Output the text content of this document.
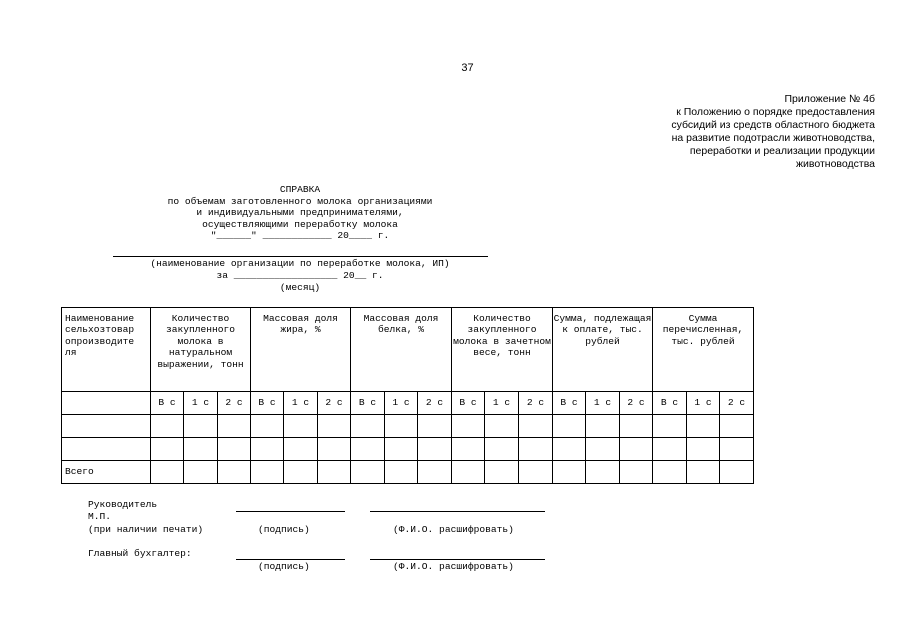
37
Приложение № 4б
к Положению о порядке предоставления
субсидий из средств областного бюджета
на развитие подотрасли животноводства,
переработки и реализации продукции
животноводства
СПРАВКА
по объемам заготовленного молока организациями
и индивидуальными предпринимателями,
осуществляющими переработку молока
"______" ____________ 20____ г.
(наименование организации по переработке молока, ИП)
за __________________ 20__ г.
(месяц)
Наименование сельхозтовар опроизводите ля	Количество закупленного молока в натуральном выражении, тонн			Массовая доля жира, %			Массовая доля белка, %			Количество закупленного молока в зачетном весе, тонн			Сумма, подлежащая к оплате, тыс. рублей			Сумма перечисленная, тыс. рублей		
	В с	1 с	2 с	В с	1 с	2 с	В с	1 с	2 с	В с	1 с	2 с	В с	1 с	2 с	В с	1 с	2 с

Всего																		
Руководитель
М.П.
(при наличии печати)	(подпись)	(Ф.И.О. расшифровать)
Главный бухгалтер:
(подпись)	(Ф.И.О. расшифровать)
